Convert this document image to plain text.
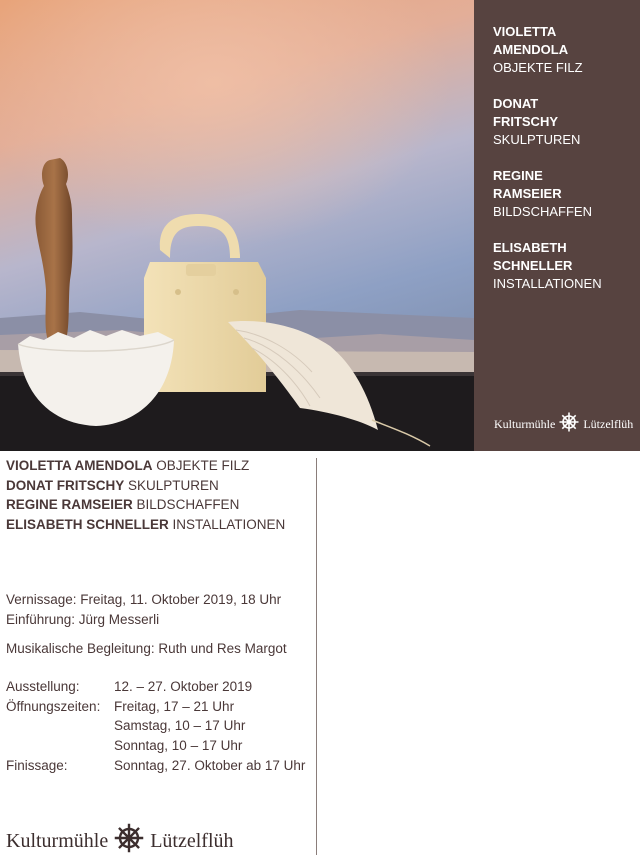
VIOLETTA
AMENDOLA
OBJEKTE FILZ
DONAT
FRITSCHY
SKULPTUREN
REGINE
RAMSEIER
BILDSCHAFFEN
ELISABETH
SCHNELLER
INSTALLATIONEN
Kulturmühle Lützelflüh
VIOLETTA AMENDOLA OBJEKTE FILZ
DONAT FRITSCHY SKULPTUREN
REGINE RAMSEIER BILDSCHAFFEN
ELISABETH SCHNELLER INSTALLATIONEN
Vernissage: Freitag, 11. Oktober 2019, 18 Uhr
Einführung: Jürg Messerli
Musikalische Begleitung: Ruth und Res Margot
Ausstellung:	12. – 27. Oktober 2019
Öffnungszeiten:	Freitag, 17 – 21 Uhr
Samstag, 10 – 17 Uhr
Sonntag, 10 – 17 Uhr
Finissage:	Sonntag, 27. Oktober ab 17 Uhr
Kulturmühle Lützelflüh
